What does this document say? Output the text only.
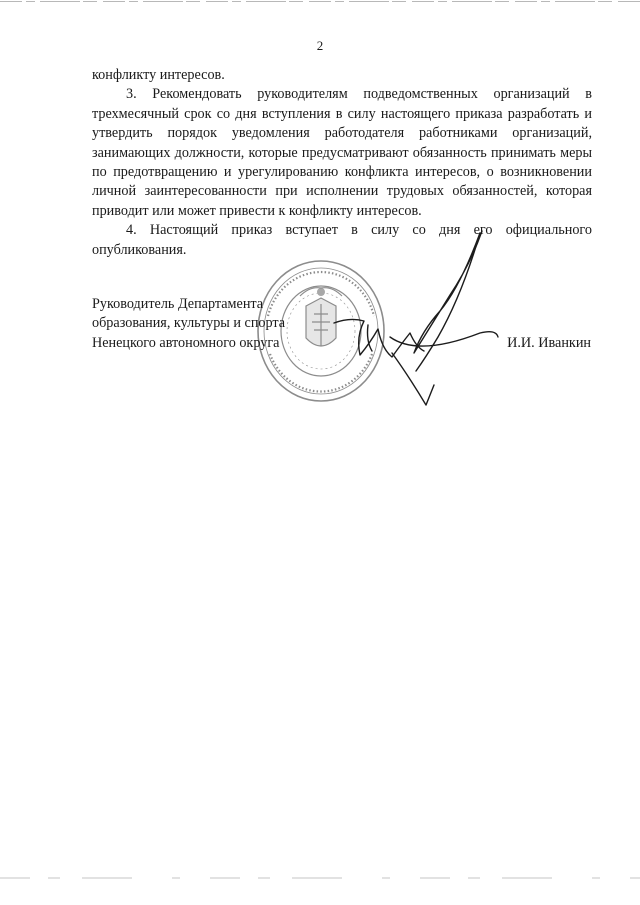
2

конфликту интересов.

3. Рекомендовать руководителям подведомственных организаций в трехмесячный срок со дня вступления в силу настоящего приказа разработать и утвердить порядок уведомления работодателя работниками организаций, занимающих должности, которые предусматривают обязанность принимать меры по предотвращению и урегулированию конфликта интересов, о возникновении личной заинтересованности при исполнении трудовых обязанностей, которая приводит или может привести к конфликту интересов.

4. Настоящий приказ вступает в силу со дня его официального опубликования.

Руководитель Департамента
образования, культуры и спорта
Ненецкого автономного округа	И.И. Иванкин
